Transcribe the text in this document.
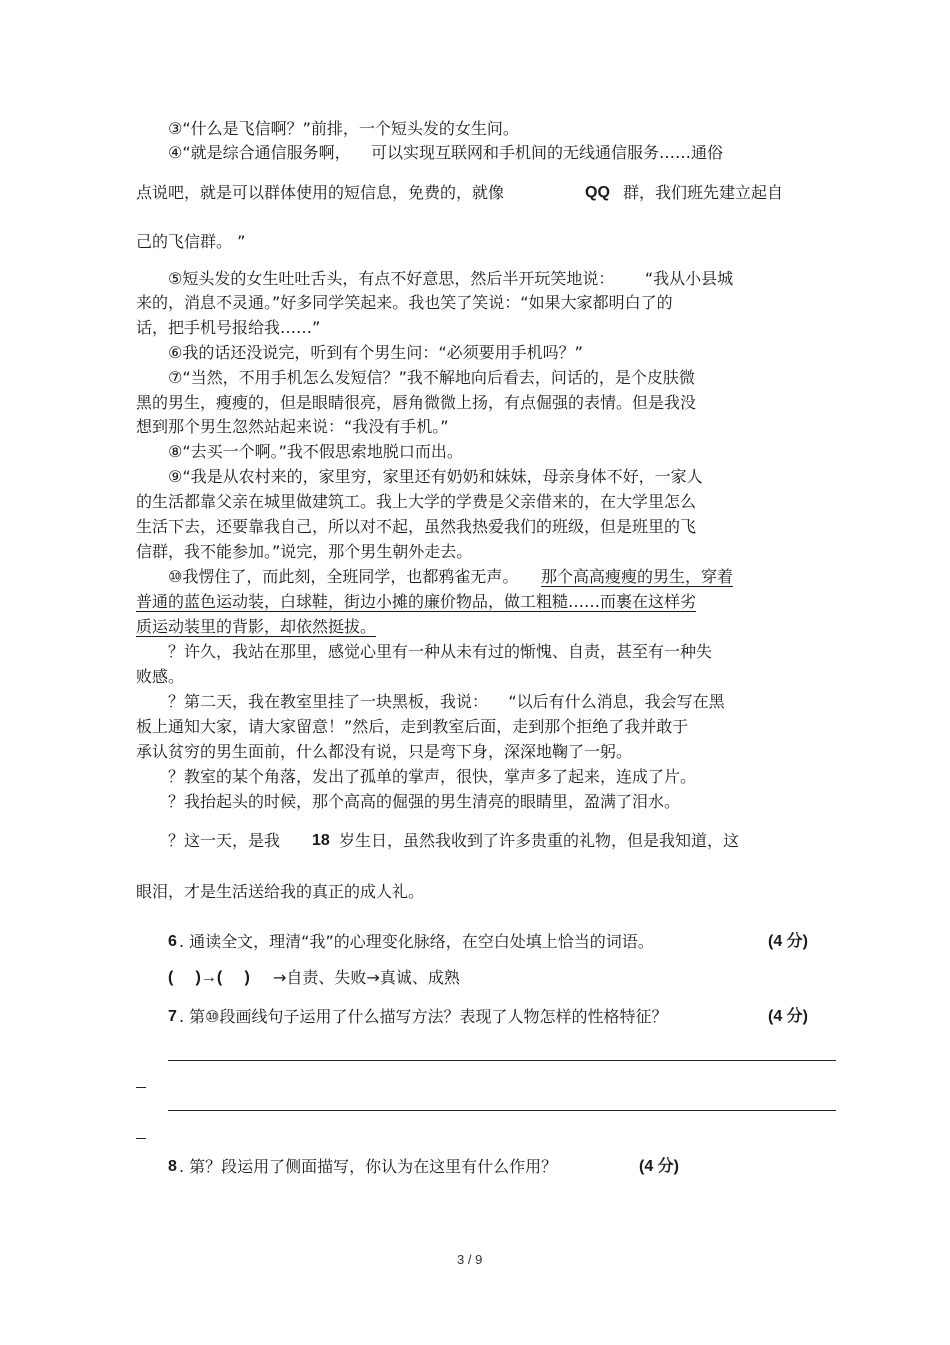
③“什么是飞信啊？”前排，一个短头发的女生问。
④“就是综合通信服务啊，    可以实现互联网和手机间的无线通信服务……通俗
点说吧，就是可以群体使用的短信息，免费的，就像	QQ 群，我们班先建立起自
己的飞信群。 ”
⑤短头发的女生吐吐舌头，有点不好意思，然后半开玩笑地说：      “我从小县城
来的，消息不灵通。”好多同学笑起来。我也笑了笑说：“如果大家都明白了的
话，把手机号报给我……”
⑥我的话还没说完，听到有个男生问：“必须要用手机吗？”
⑦“当然，不用手机怎么发短信？”我不解地向后看去，问话的，是个皮肤微
黑的男生，瘦瘦的，但是眼睛很亮，唇角微微上扬，有点倔强的表情。但是我没
想到那个男生忽然站起来说：“我没有手机。”
⑧“去买一个啊。”我不假思索地脱口而出。
⑨“我是从农村来的，家里穷，家里还有奶奶和妹妹，母亲身体不好，一家人
的生活都靠父亲在城里做建筑工。我上大学的学费是父亲借来的，在大学里怎么
生活下去，还要靠我自己，所以对不起，虽然我热爱我们的班级，但是班里的飞
信群，我不能参加。”说完，那个男生朝外走去。
⑩我愣住了，而此刻，全班同学，也都鸦雀无声。 那个高高瘦瘦的男生，穿着
普通的蓝色运动装，白球鞋，街边小摊的廉价物品，做工粗糙……而裹在这样劣
质运动装里的背影，却依然挺拔。
？许久，我站在那里，感觉心里有一种从未有过的惭愧、自责，甚至有一种失
败感。
？第二天，我在教室里挂了一块黑板，我说：    “以后有什么消息，我会写在黑
板上通知大家，请大家留意！”然后，走到教室后面，走到那个拒绝了我并敢于
承认贫穷的男生面前，什么都没有说，只是弯下身，深深地鞠了一躬。
？教室的某个角落，发出了孤单的掌声，很快，掌声多了起来，连成了片。
？我抬起头的时候，那个高高的倔强的男生清亮的眼睛里，盈满了泪水。
？这一天，是我 18 岁生日，虽然我收到了许多贵重的礼物，但是我知道，这
眼泪，才是生活送给我的真正的成人礼。
6 . 通读全文，理清“我”的心理变化脉络，在空白处填上恰当的词语。	(4 分)
(     )→(     ) →自责、失败→真诚、成熟
7 . 第⑩段画线句子运用了什么描写方法？表现了人物怎样的性格特征？	(4 分)
8 . 第？段运用了侧面描写，你认为在这里有什么作用？	(4 分)
3 / 9
